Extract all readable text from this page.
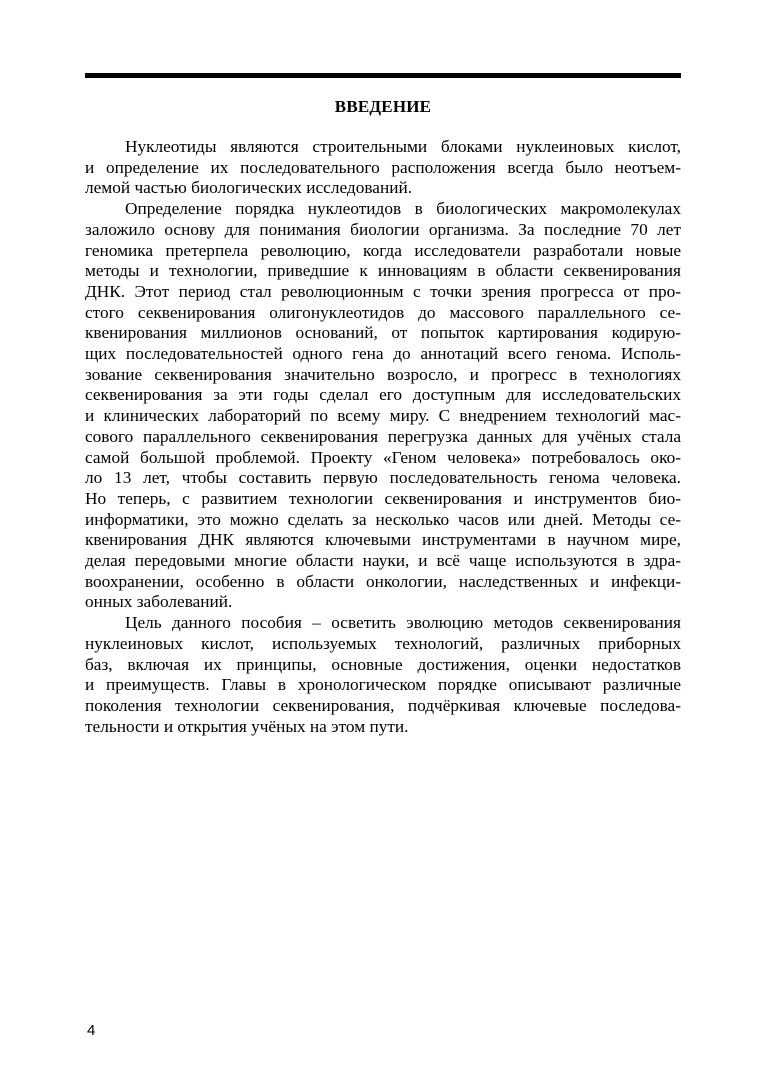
ВВЕДЕНИЕ

Нуклеотиды являются строительными блоками нуклеиновых кислот,
и определение их последовательного расположения всегда было неотъем-
лемой частью биологических исследований.

Определение порядка нуклеотидов в биологических макромолекулах
заложило основу для понимания биологии организма. За последние 70 лет
геномика претерпела революцию, когда исследователи разработали новые
методы и технологии, приведшие к инновациям в области секвенирования
ДНК. Этот период стал революционным с точки зрения прогресса от про-
стого секвенирования олигонуклеотидов до массового параллельного се-
квенирования миллионов оснований, от попыток картирования кодирую-
щих последовательностей одного гена до аннотаций всего генома. Исполь-
зование секвенирования значительно возросло, и прогресс в технологиях
секвенирования за эти годы сделал его доступным для исследовательских
и клинических лабораторий по всему миру. С внедрением технологий мас-
сового параллельного секвенирования перегрузка данных для учёных стала
самой большой проблемой. Проекту «Геном человека» потребовалось око-
ло 13 лет, чтобы составить первую последовательность генома человека.
Но теперь, с развитием технологии секвенирования и инструментов био-
информатики, это можно сделать за несколько часов или дней. Методы се-
квенирования ДНК являются ключевыми инструментами в научном мире,
делая передовыми многие области науки, и всё чаще используются в здра-
воохранении, особенно в области онкологии, наследственных и инфекци-
онных заболеваний.

Цель данного пособия – осветить эволюцию методов секвенирования
нуклеиновых кислот, используемых технологий, различных приборных
баз, включая их принципы, основные достижения, оценки недостатков
и преимуществ. Главы в хронологическом порядке описывают различные
поколения технологии секвенирования, подчёркивая ключевые последова-
тельности и открытия учёных на этом пути.

4
